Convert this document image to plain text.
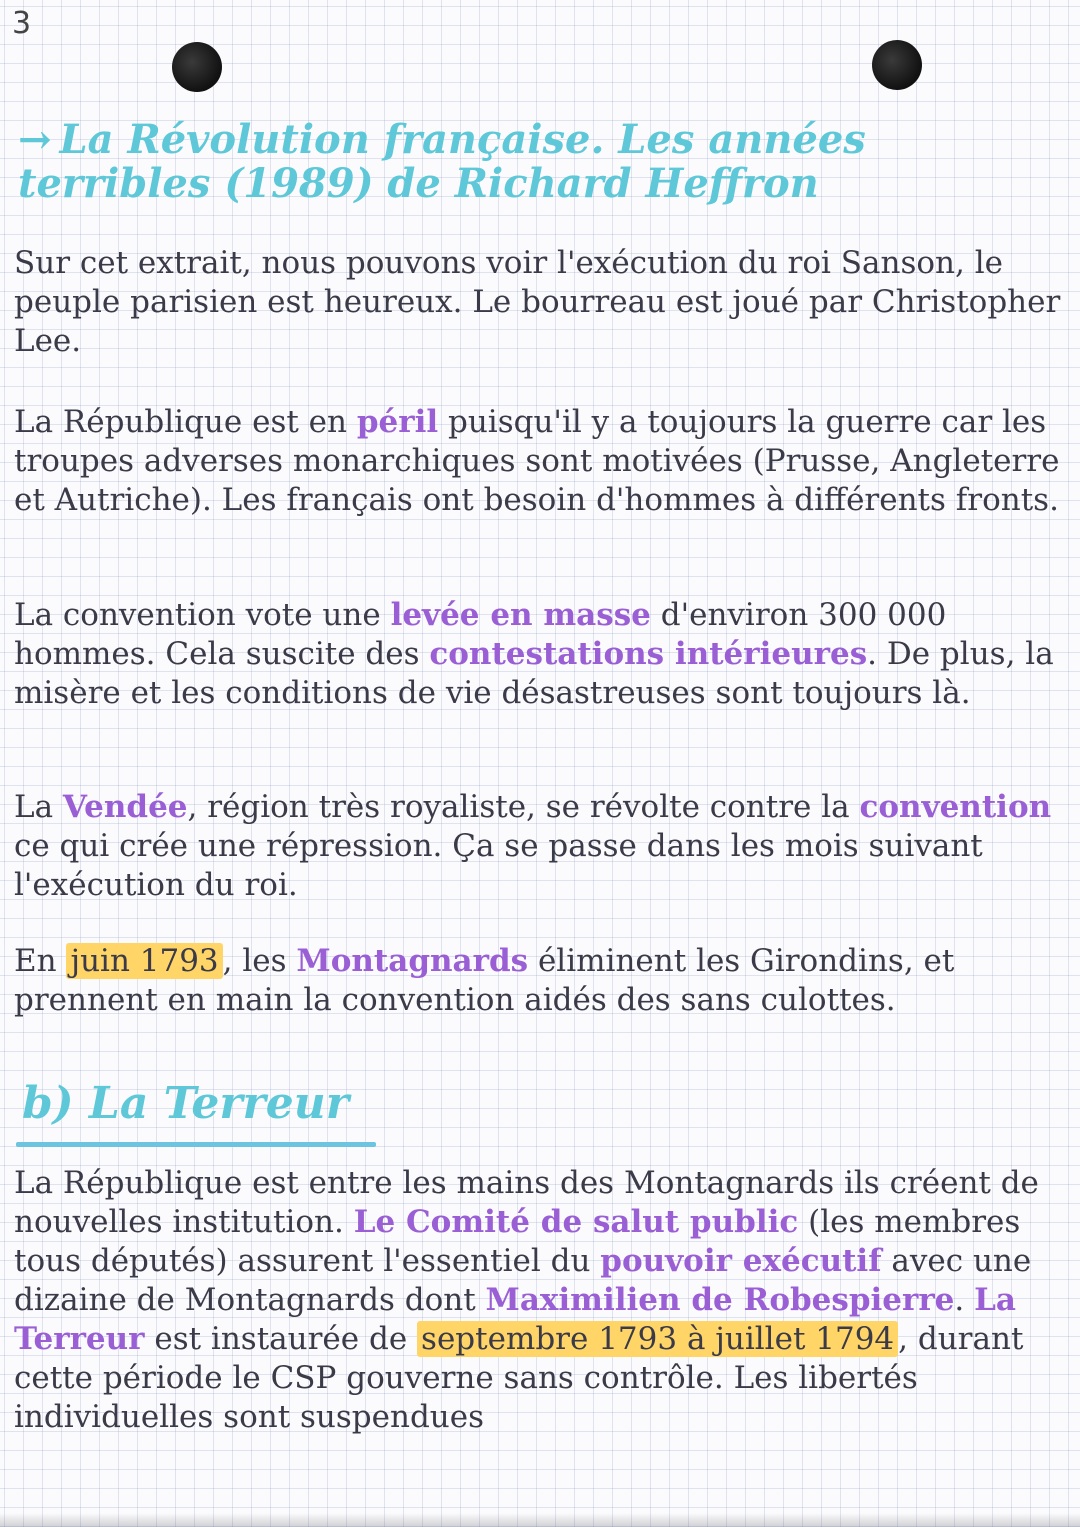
3
→ La Révolution française. Les années terribles (1989) de Richard Heffron
Sur cet extrait, nous pouvons voir l'exécution du roi Sanson, le peuple parisien est heureux. Le bourreau est joué par Christopher Lee.
La République est en péril puisqu'il y a toujours la guerre car les troupes adverses monarchiques sont motivées (Prusse, Angleterre et Autriche). Les français ont besoin d'hommes à différents fronts.
La convention vote une levée en masse d'environ 300 000 hommes. Cela suscite des contestations intérieures. De plus, la misère et les conditions de vie désastreuses sont toujours là.
La Vendée, région très royaliste, se révolte contre la convention ce qui crée une répression. Ça se passe dans les mois suivant l'exécution du roi.
En juin 1793 , les Montagnards éliminent les Girondins, et prennent en main la convention aidés des sans culottes.
b) La Terreur
La République est entre les mains des Montagnards ils créent de nouvelles institution. Le Comité de salut public (les membres tous députés) assurent l'essentiel du pouvoir exécutif avec une dizaine de Montagnards dont Maximilien de Robespierre. La Terreur est instaurée de septembre 1793 à juillet 1794 , durant cette période le CSP gouverne sans contrôle. Les libertés individuelles sont suspendues
